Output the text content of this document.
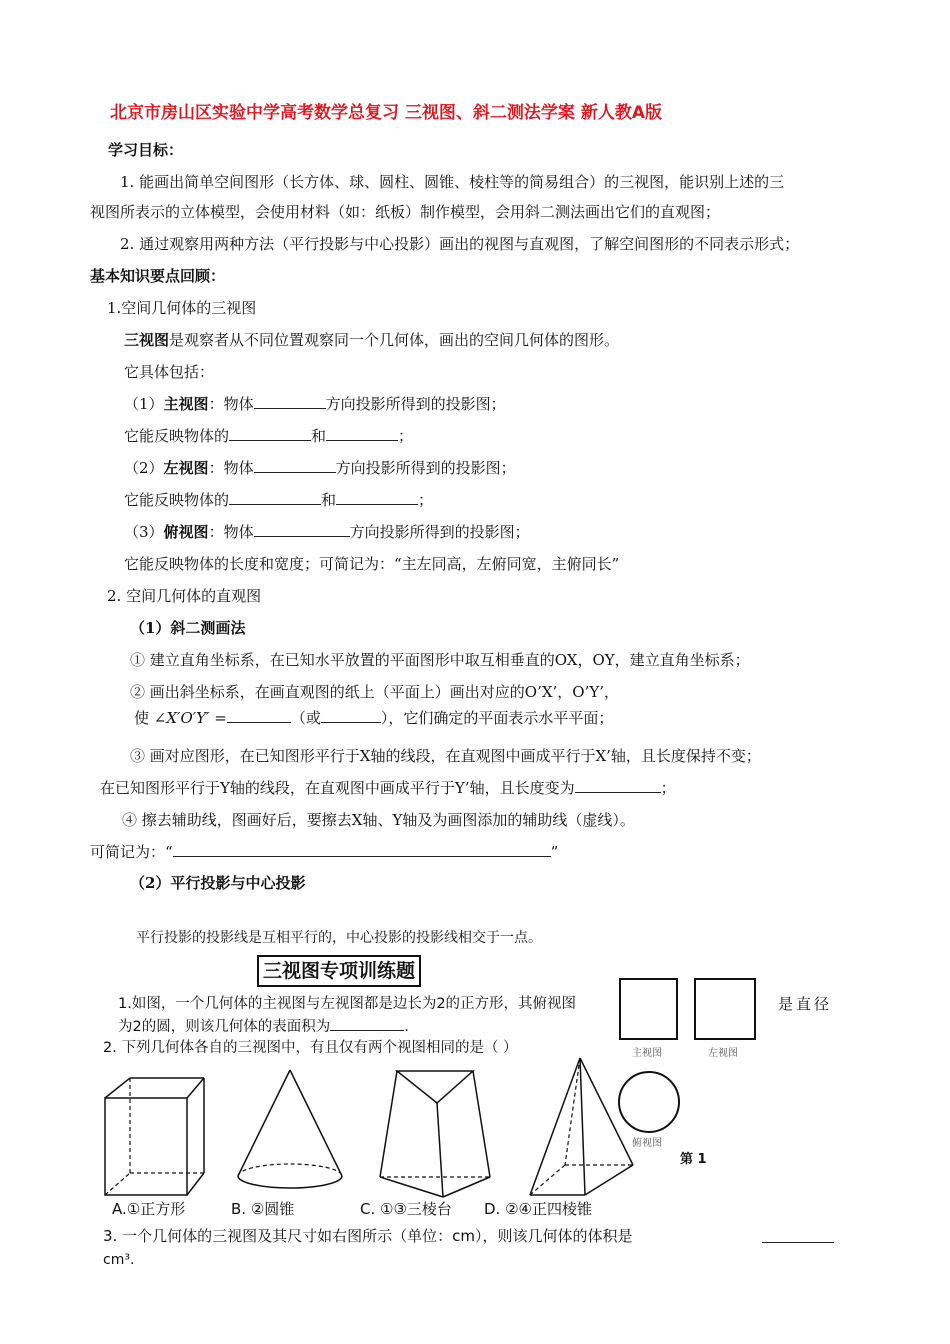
北京市房山区实验中学高考数学总复习 三视图、斜二测法学案 新人教A版
学习目标：
1. 能画出简单空间图形（长方体、球、圆柱、圆锥、棱柱等的简易组合）的三视图，能识别上述的三
视图所表示的立体模型，会使用材料（如：纸板）制作模型，会用斜二测法画出它们的直观图；
2. 通过观察用两种方法（平行投影与中心投影）画出的视图与直观图，了解空间图形的不同表示形式；
基本知识要点回顾：
1.空间几何体的三视图
三视图是观察者从不同位置观察同一个几何体，画出的空间几何体的图形。
它具体包括：
（1）主视图：物体	方向投影所得到的投影图；
它能反映物体的	和	；
（2）左视图：物体	方向投影所得到的投影图；
它能反映物体的	和	；
（3）俯视图：物体	方向投影所得到的投影图；
它能反映物体的长度和宽度；可简记为：“主左同高，左俯同宽，主俯同长”
2. 空间几何体的直观图
（1）斜二测画法
① 建立直角坐标系，在已知水平放置的平面图形中取互相垂直的OX，OY，建立直角坐标系；
② 画出斜坐标系，在画直观图的纸上（平面上）画出对应的O’X’，O’Y’，
使 ∠X′O′Y′ =	（或	），它们确定的平面表示水平平面；
③ 画对应图形，在已知图形平行于X轴的线段，在直观图中画成平行于X’轴，且长度保持不变；
在已知图形平行于Y轴的线段，在直观图中画成平行于Y’轴，且长度变为	；
④ 擦去辅助线，图画好后，要擦去X轴、Y轴及为画图添加的辅助线（虚线）。
可简记为：“	”
（2）平行投影与中心投影
平行投影的投影线是互相平行的，中心投影的投影线相交于一点。
三视图专项训练题
1.如图，一个几何体的主视图与左视图都是边长为2的正方形，其俯视图	是直径
为2的圆，则该几何体的表面积为	.
2. 下列几何体各自的三视图中，有且仅有两个视图相同的是（ ）	主视图	左视图
俯视图
第 1
A.①正方形	B. ②圆锥	C. ①③三棱台 D. ②④正四棱锥
3. 一个几何体的三视图及其尺寸如右图所示（单位：cm），则该几何体的体积是
cm³.
